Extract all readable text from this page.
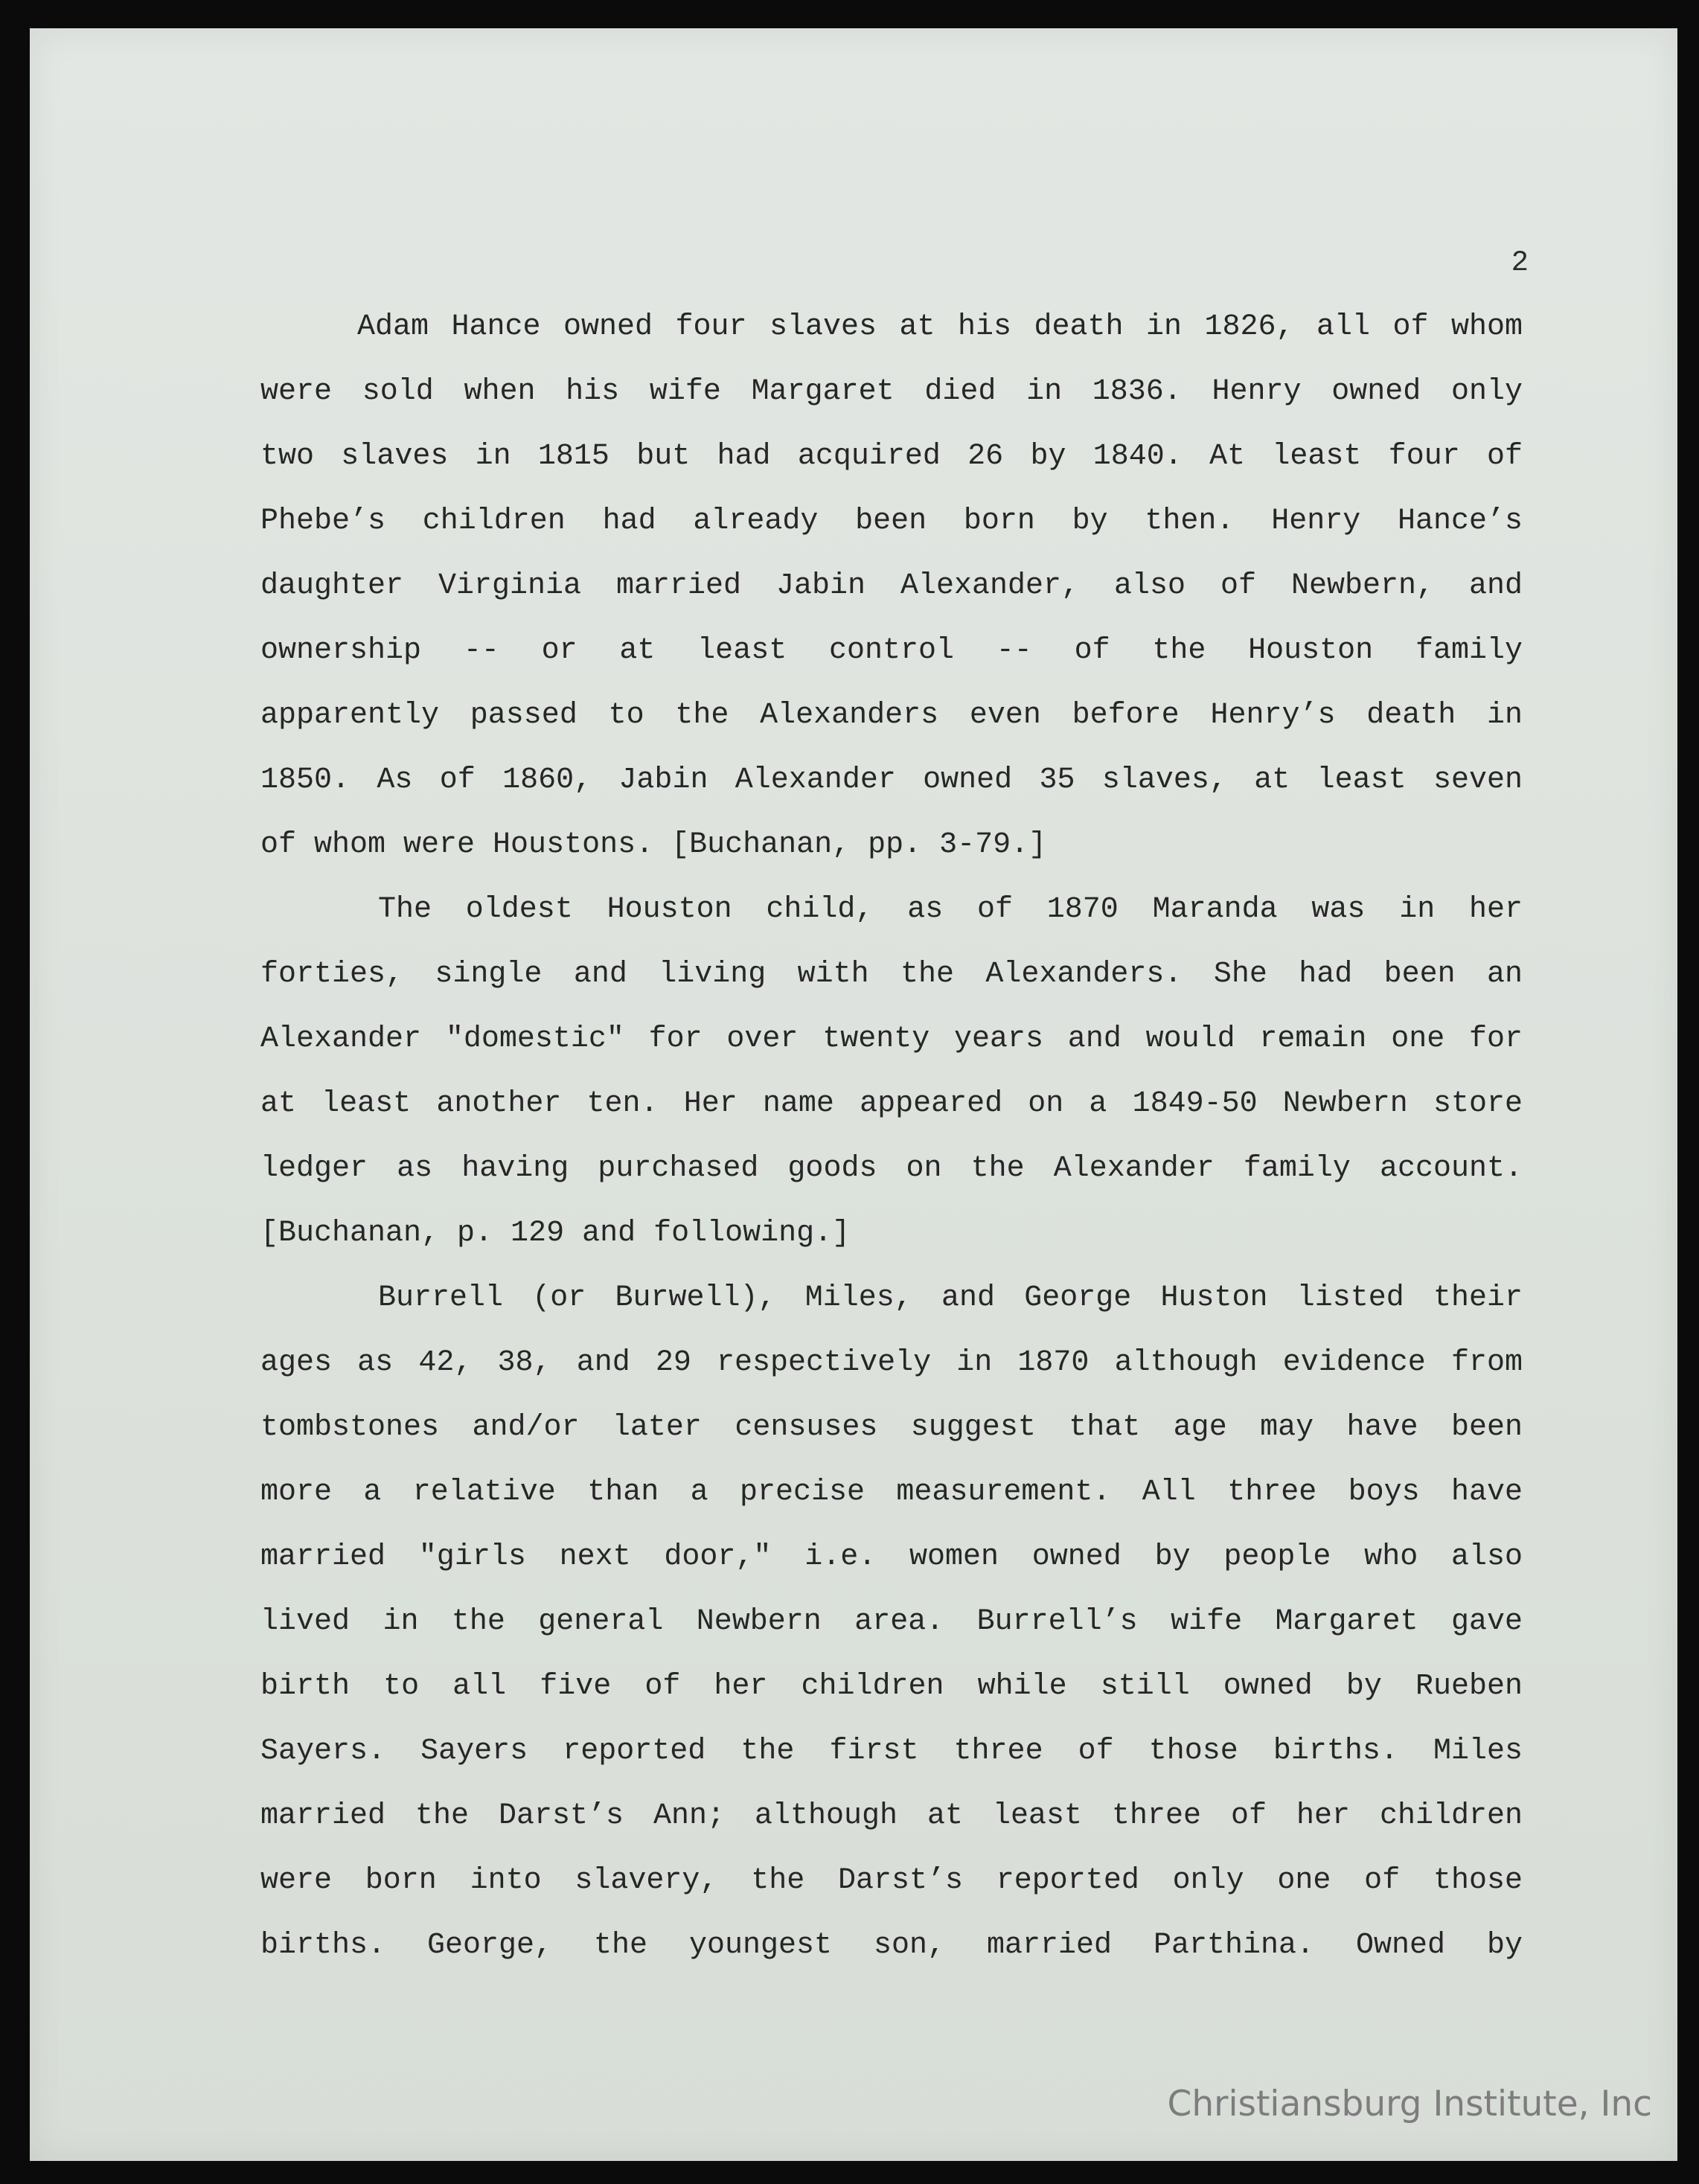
2
Adam Hance owned four slaves at his death in 1826, all of whom
were sold when his wife Margaret died in 1836. Henry owned only
two slaves in 1815 but had acquired 26 by 1840. At least four of
Phebe’s children had already been born by then. Henry Hance’s
daughter Virginia married Jabin Alexander, also of Newbern, and
ownership -- or at least control -- of the Houston family
apparently passed to the Alexanders even before Henry’s death in
1850. As of 1860, Jabin Alexander owned 35 slaves, at least seven
of whom were Houstons. [Buchanan, pp. 3-79.]
The oldest Houston child, as of 1870 Maranda was in her
forties, single and living with the Alexanders. She had been an
Alexander "domestic" for over twenty years and would remain one for
at least another ten. Her name appeared on a 1849-50 Newbern store
ledger as having purchased goods on the Alexander family account.
[Buchanan, p. 129 and following.]
Burrell (or Burwell), Miles, and George Huston listed their
ages as 42, 38, and 29 respectively in 1870 although evidence from
tombstones and/or later censuses suggest that age may have been
more a relative than a precise measurement. All three boys have
married "girls next door," i.e. women owned by people who also
lived in the general Newbern area. Burrell’s wife Margaret gave
birth to all five of her children while still owned by Rueben
Sayers. Sayers reported the first three of those births. Miles
married the Darst’s Ann; although at least three of her children
were born into slavery, the Darst’s reported only one of those
births. George, the youngest son, married Parthina. Owned by
Christiansburg Institute, Inc
